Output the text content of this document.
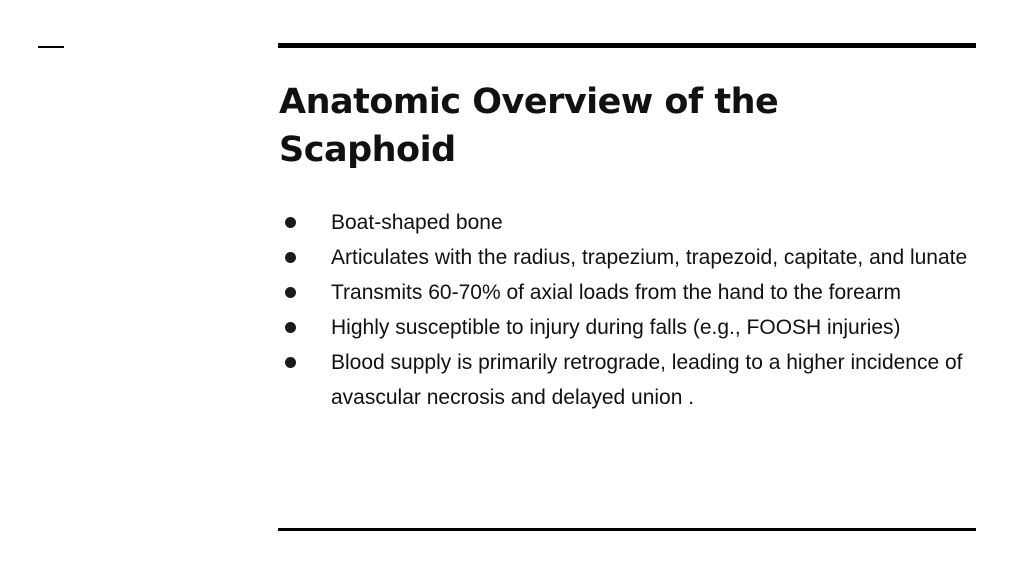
Anatomic Overview of the Scaphoid
Boat-shaped bone
Articulates with the radius, trapezium, trapezoid, capitate, and lunate
Transmits 60-70% of axial loads from the hand to the forearm
Highly susceptible to injury during falls (e.g., FOOSH injuries)
Blood supply is primarily retrograde, leading to a higher incidence of avascular necrosis and delayed union .
